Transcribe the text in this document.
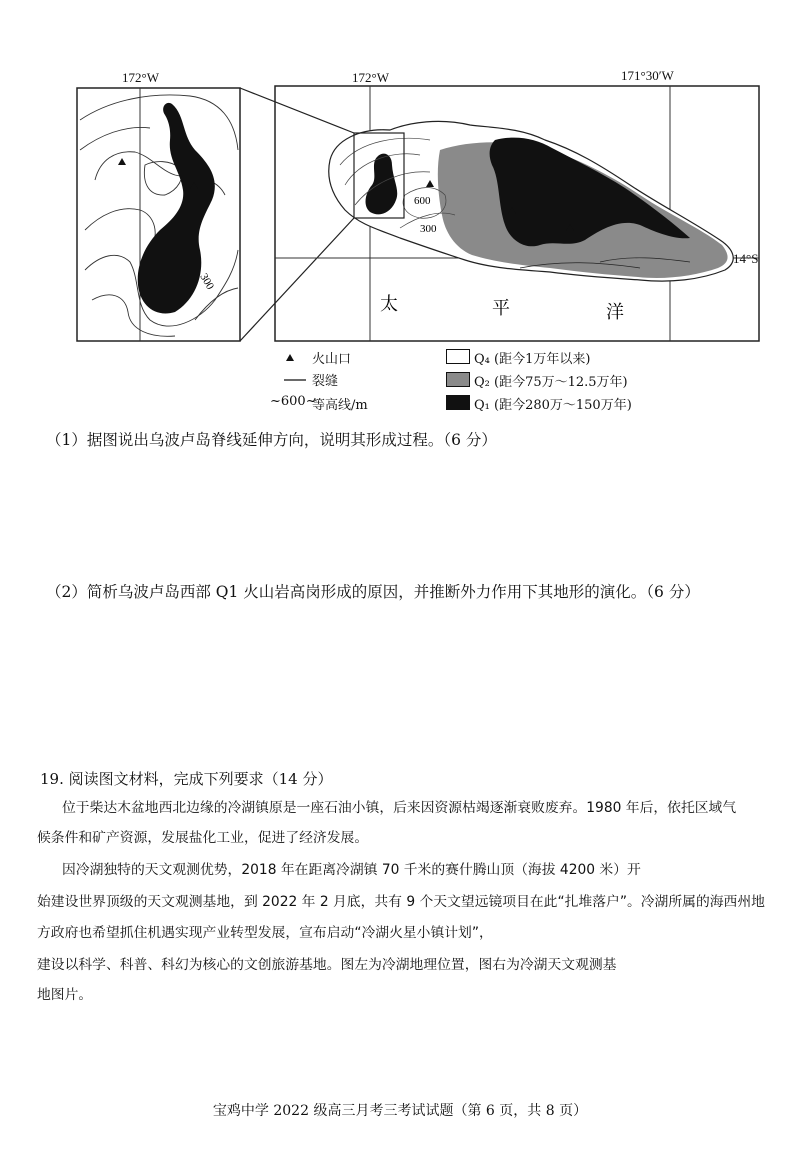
172°W	172°W	171°30′W
300
600
300
太	平	洋
14°S
火山口
裂缝
~600~
等高线/m
Q₄ (距今1万年以来)
Q₂ (距今75万～12.5万年)
Q₁ (距今280万～150万年)
（1）据图说出乌波卢岛脊线延伸方向，说明其形成过程。（6 分）
（2）简析乌波卢岛西部 Q1 火山岩高岗形成的原因，并推断外力作用下其地形的演化。（6 分）
19. 阅读图文材料，完成下列要求（14 分）
位于柴达木盆地西北边缘的冷湖镇原是一座石油小镇，后来因资源枯竭逐渐衰败废弃。1980 年后，依托区域气
候条件和矿产资源，发展盐化工业，促进了经济发展。
因冷湖独特的天文观测优势，2018 年在距离冷湖镇 70 千米的赛什腾山顶（海拔 4200 米）开
始建设世界顶级的天文观测基地，到 2022 年 2 月底，共有 9 个天文望远镜项目在此“扎堆落户”。冷湖所属的海西州地
方政府也希望抓住机遇实现产业转型发展，宣布启动“冷湖火星小镇计划”，
建设以科学、科普、科幻为核心的文创旅游基地。图左为冷湖地理位置，图右为冷湖天文观测基
地图片。
宝鸡中学 2022 级高三月考三考试试题（第 6 页，共 8 页）
